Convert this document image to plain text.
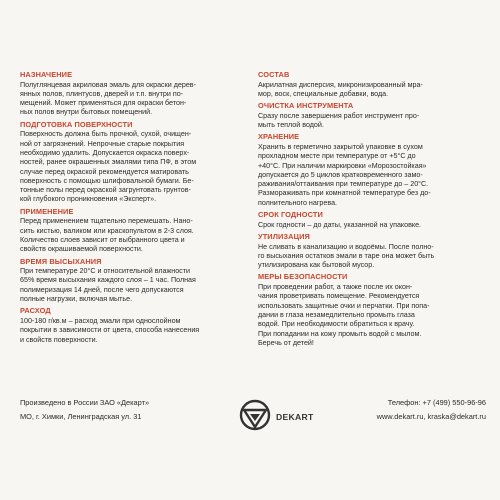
НАЗНАЧЕНИЕ
Полуглянцевая акриловая эмаль для окраски дерев-
янных полов, плинтусов, дверей и т.п. внутри по-
мещений. Может применяться для окраски бетон-
ных полов внутри бытовых помещений.
ПОДГОТОВКА ПОВЕРХНОСТИ
Поверхность должна быть прочной, сухой, очищен-
ной от загрязнений. Непрочные старые покрытия
необходимо удалить. Допускается окраска поверх-
ностей, ранее окрашенных эмалями типа ПФ, в этом
случае перед окраской рекомендуется матировать
поверхность с помощью шлифовальной бумаги. Бе-
тонные полы перед окраской загрунтовать грунтов-
кой глубокого проникновения «Эксперт».
ПРИМЕНЕНИЕ
Перед применением тщательно перемешать. Нано-
сить кистью, валиком или краскопультом в 2-3 слоя.
Количество слоев зависит от выбранного цвета и
свойств окрашиваемой поверхности.
ВРЕМЯ ВЫСЫХАНИЯ
При температуре 20°С и относительной влажности
65% время высыхания каждого слоя – 1 час. Полная
полимеризация 14 дней, после чего допускаются
полные нагрузки, включая мытье.
РАСХОД
100-180 г/кв.м – расход эмали при однослойном
покрытии в зависимости от цвета, способа нанесения
и свойств поверхности.
СОСТАВ
Акрилатная дисперсия, микронизированный мра-
мор, воск, специальные добавки, вода.
ОЧИСТКА ИНСТРУМЕНТА
Сразу после завершения работ инструмент про-
мыть теплой водой.
ХРАНЕНИЕ
Хранить в герметично закрытой упаковке в сухом
прохладном месте при температуре от +5°С до
+40°С. При наличии маркировки «Морозостойкая»
допускается до 5 циклов кратковременного замо-
раживания/оттаивания при температуре до – 20°С.
Размораживать при комнатной температуре без до-
полнительного нагрева.
СРОК ГОДНОСТИ
Срок годности – до даты, указанной на упаковке.
УТИЛИЗАЦИЯ
Не сливать в канализацию и водоёмы. После полно-
го высыхания остатков эмали в таре она может быть
утилизирована как бытовой мусор.
МЕРЫ БЕЗОПАСНОСТИ
При проведении работ, а также после их окон-
чания проветривать помещение. Рекомендуется
использовать защитные очки и перчатки. При попа-
дании в глаза незамедлительно промыть глаза
водой. При необходимости обратиться к врачу.
При попадании на кожу промыть водой с мылом.
Беречь от детей!
Произведено в России ЗАО «Декарт»
МО, г. Химки, Ленинградская ул. 31	DEKART
Телефон: +7 (499) 550-96-96
www.dekart.ru, kraska@dekart.ru
